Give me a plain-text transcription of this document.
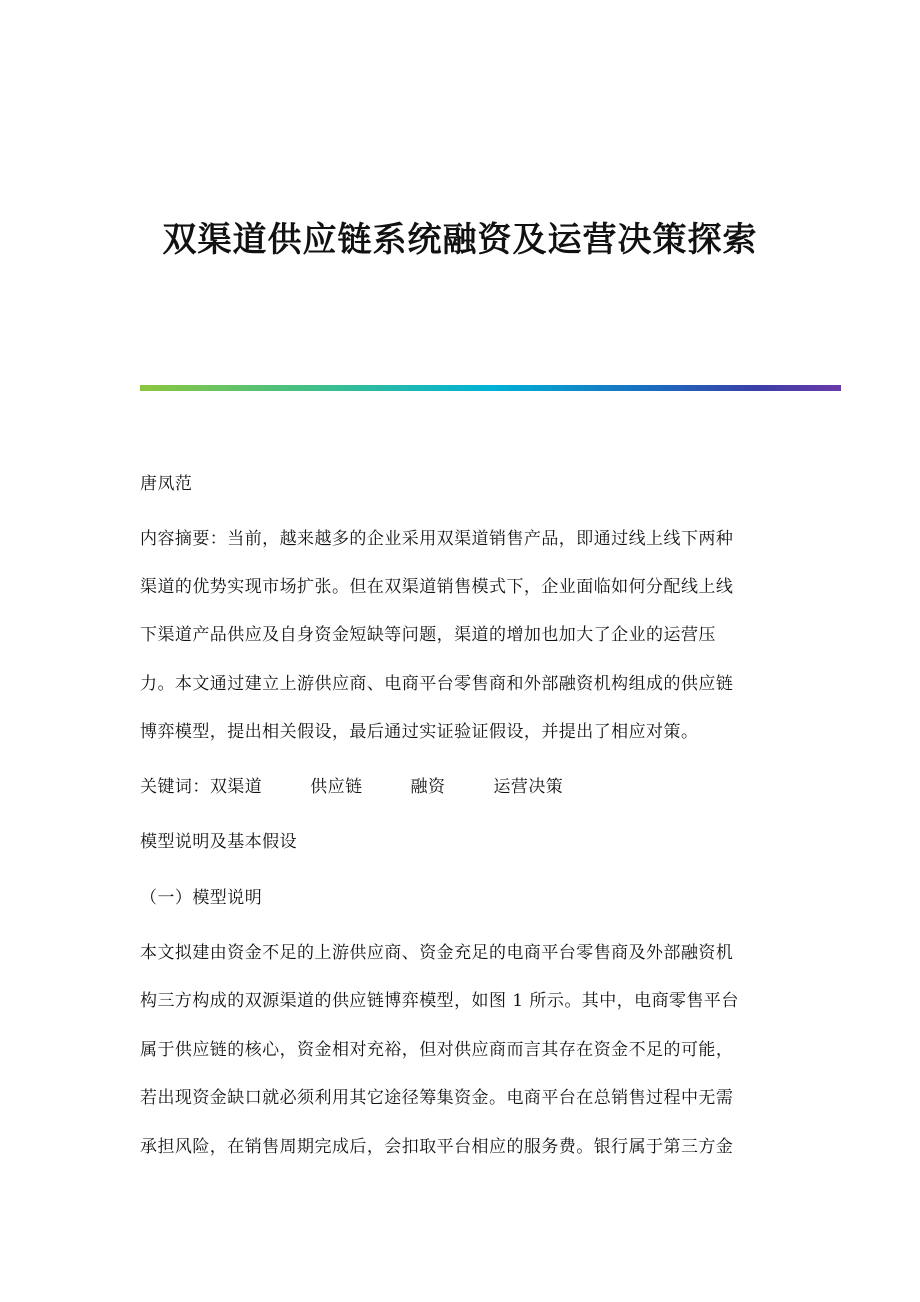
双渠道供应链系统融资及运营决策探索
唐凤范
内容摘要：当前，越来越多的企业采用双渠道销售产品，即通过线上线下两种
渠道的优势实现市场扩张。但在双渠道销售模式下，企业面临如何分配线上线
下渠道产品供应及自身资金短缺等问题，渠道的增加也加大了企业的运营压
力。本文通过建立上游供应商、电商平台零售商和外部融资机构组成的供应链
博弈模型，提出相关假设，最后通过实证验证假设，并提出了相应对策。
关键词：双渠道	供应链	融资	运营决策
模型说明及基本假设
（一）模型说明
本文拟建由资金不足的上游供应商、资金充足的电商平台零售商及外部融资机
构三方构成的双源渠道的供应链博弈模型，如图 1 所示。其中，电商零售平台
属于供应链的核心，资金相对充裕，但对供应商而言其存在资金不足的可能，
若出现资金缺口就必须利用其它途径筹集资金。电商平台在总销售过程中无需
承担风险，在销售周期完成后，会扣取平台相应的服务费。银行属于第三方金
